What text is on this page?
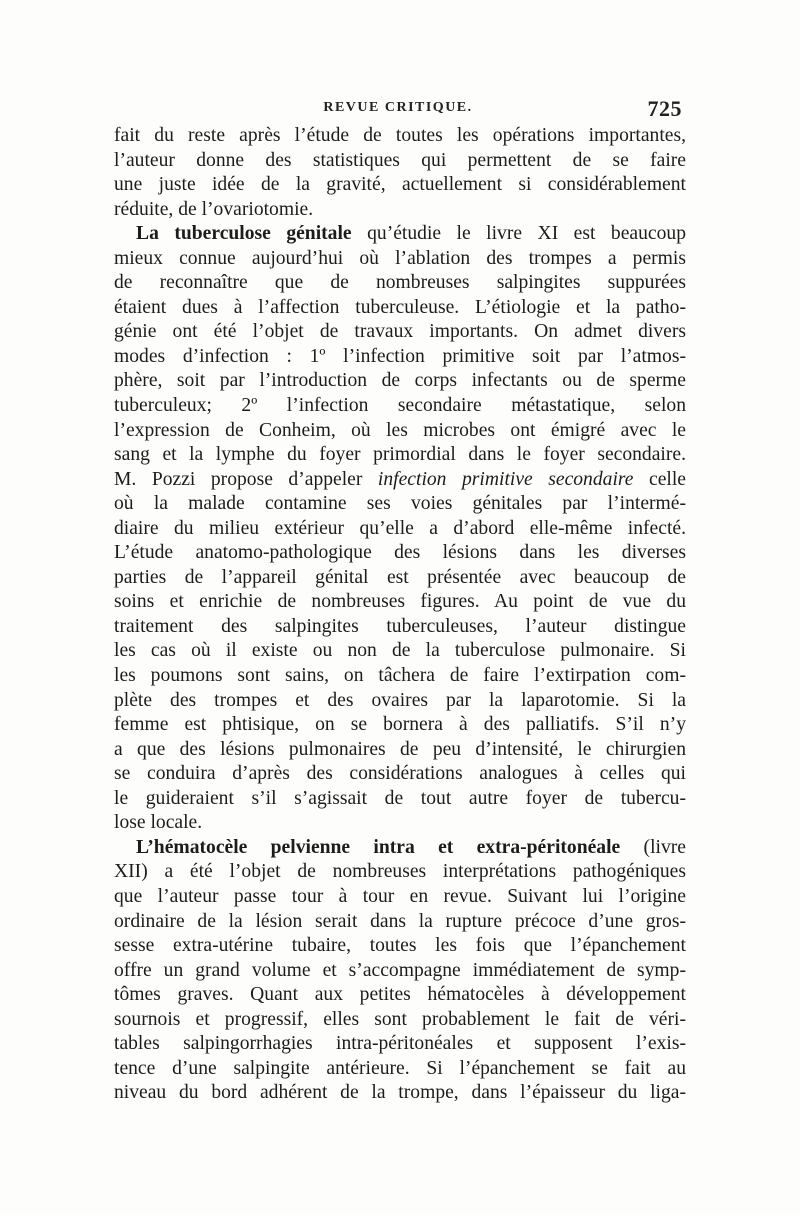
REVUE CRITIQUE.	725
fait du reste après l’étude de toutes les opérations importantes,
l’auteur donne des statistiques qui permettent de se faire
une juste idée de la gravité, actuellement si considérablement
réduite, de l’ovariotomie.
La tuberculose génitale qu’étudie le livre XI est beaucoup
mieux connue aujourd’hui où l’ablation des trompes a permis
de reconnaître que de nombreuses salpingites suppurées
étaient dues à l’affection tuberculeuse. L’étiologie et la patho-
génie ont été l’objet de travaux importants. On admet divers
modes d’infection : 1º l’infection primitive soit par l’atmos-
phère, soit par l’introduction de corps infectants ou de sperme
tuberculeux; 2º l’infection secondaire métastatique, selon
l’expression de Conheim, où les microbes ont émigré avec le
sang et la lymphe du foyer primordial dans le foyer secondaire.
M. Pozzi propose d’appeler infection primitive secondaire celle
où la malade contamine ses voies génitales par l’intermé-
diaire du milieu extérieur qu’elle a d’abord elle-même infecté.
L’étude anatomo-pathologique des lésions dans les diverses
parties de l’appareil génital est présentée avec beaucoup de
soins et enrichie de nombreuses figures. Au point de vue du
traitement des salpingites tuberculeuses, l’auteur distingue
les cas où il existe ou non de la tuberculose pulmonaire. Si
les poumons sont sains, on tâchera de faire l’extirpation com-
plète des trompes et des ovaires par la laparotomie. Si la
femme est phtisique, on se bornera à des palliatifs. S’il n’y
a que des lésions pulmonaires de peu d’intensité, le chirurgien
se conduira d’après des considérations analogues à celles qui
le guideraient s’il s’agissait de tout autre foyer de tubercu-
lose locale.
L’hématocèle pelvienne intra et extra-péritonéale (livre
XII) a été l’objet de nombreuses interprétations pathogéniques
que l’auteur passe tour à tour en revue. Suivant lui l’origine
ordinaire de la lésion serait dans la rupture précoce d’une gros-
sesse extra-utérine tubaire, toutes les fois que l’épanchement
offre un grand volume et s’accompagne immédiatement de symp-
tômes graves. Quant aux petites hématocèles à développement
sournois et progressif, elles sont probablement le fait de véri-
tables salpingorrhagies intra-péritonéales et supposent l’exis-
tence d’une salpingite antérieure. Si l’épanchement se fait au
niveau du bord adhérent de la trompe, dans l’épaisseur du liga-
